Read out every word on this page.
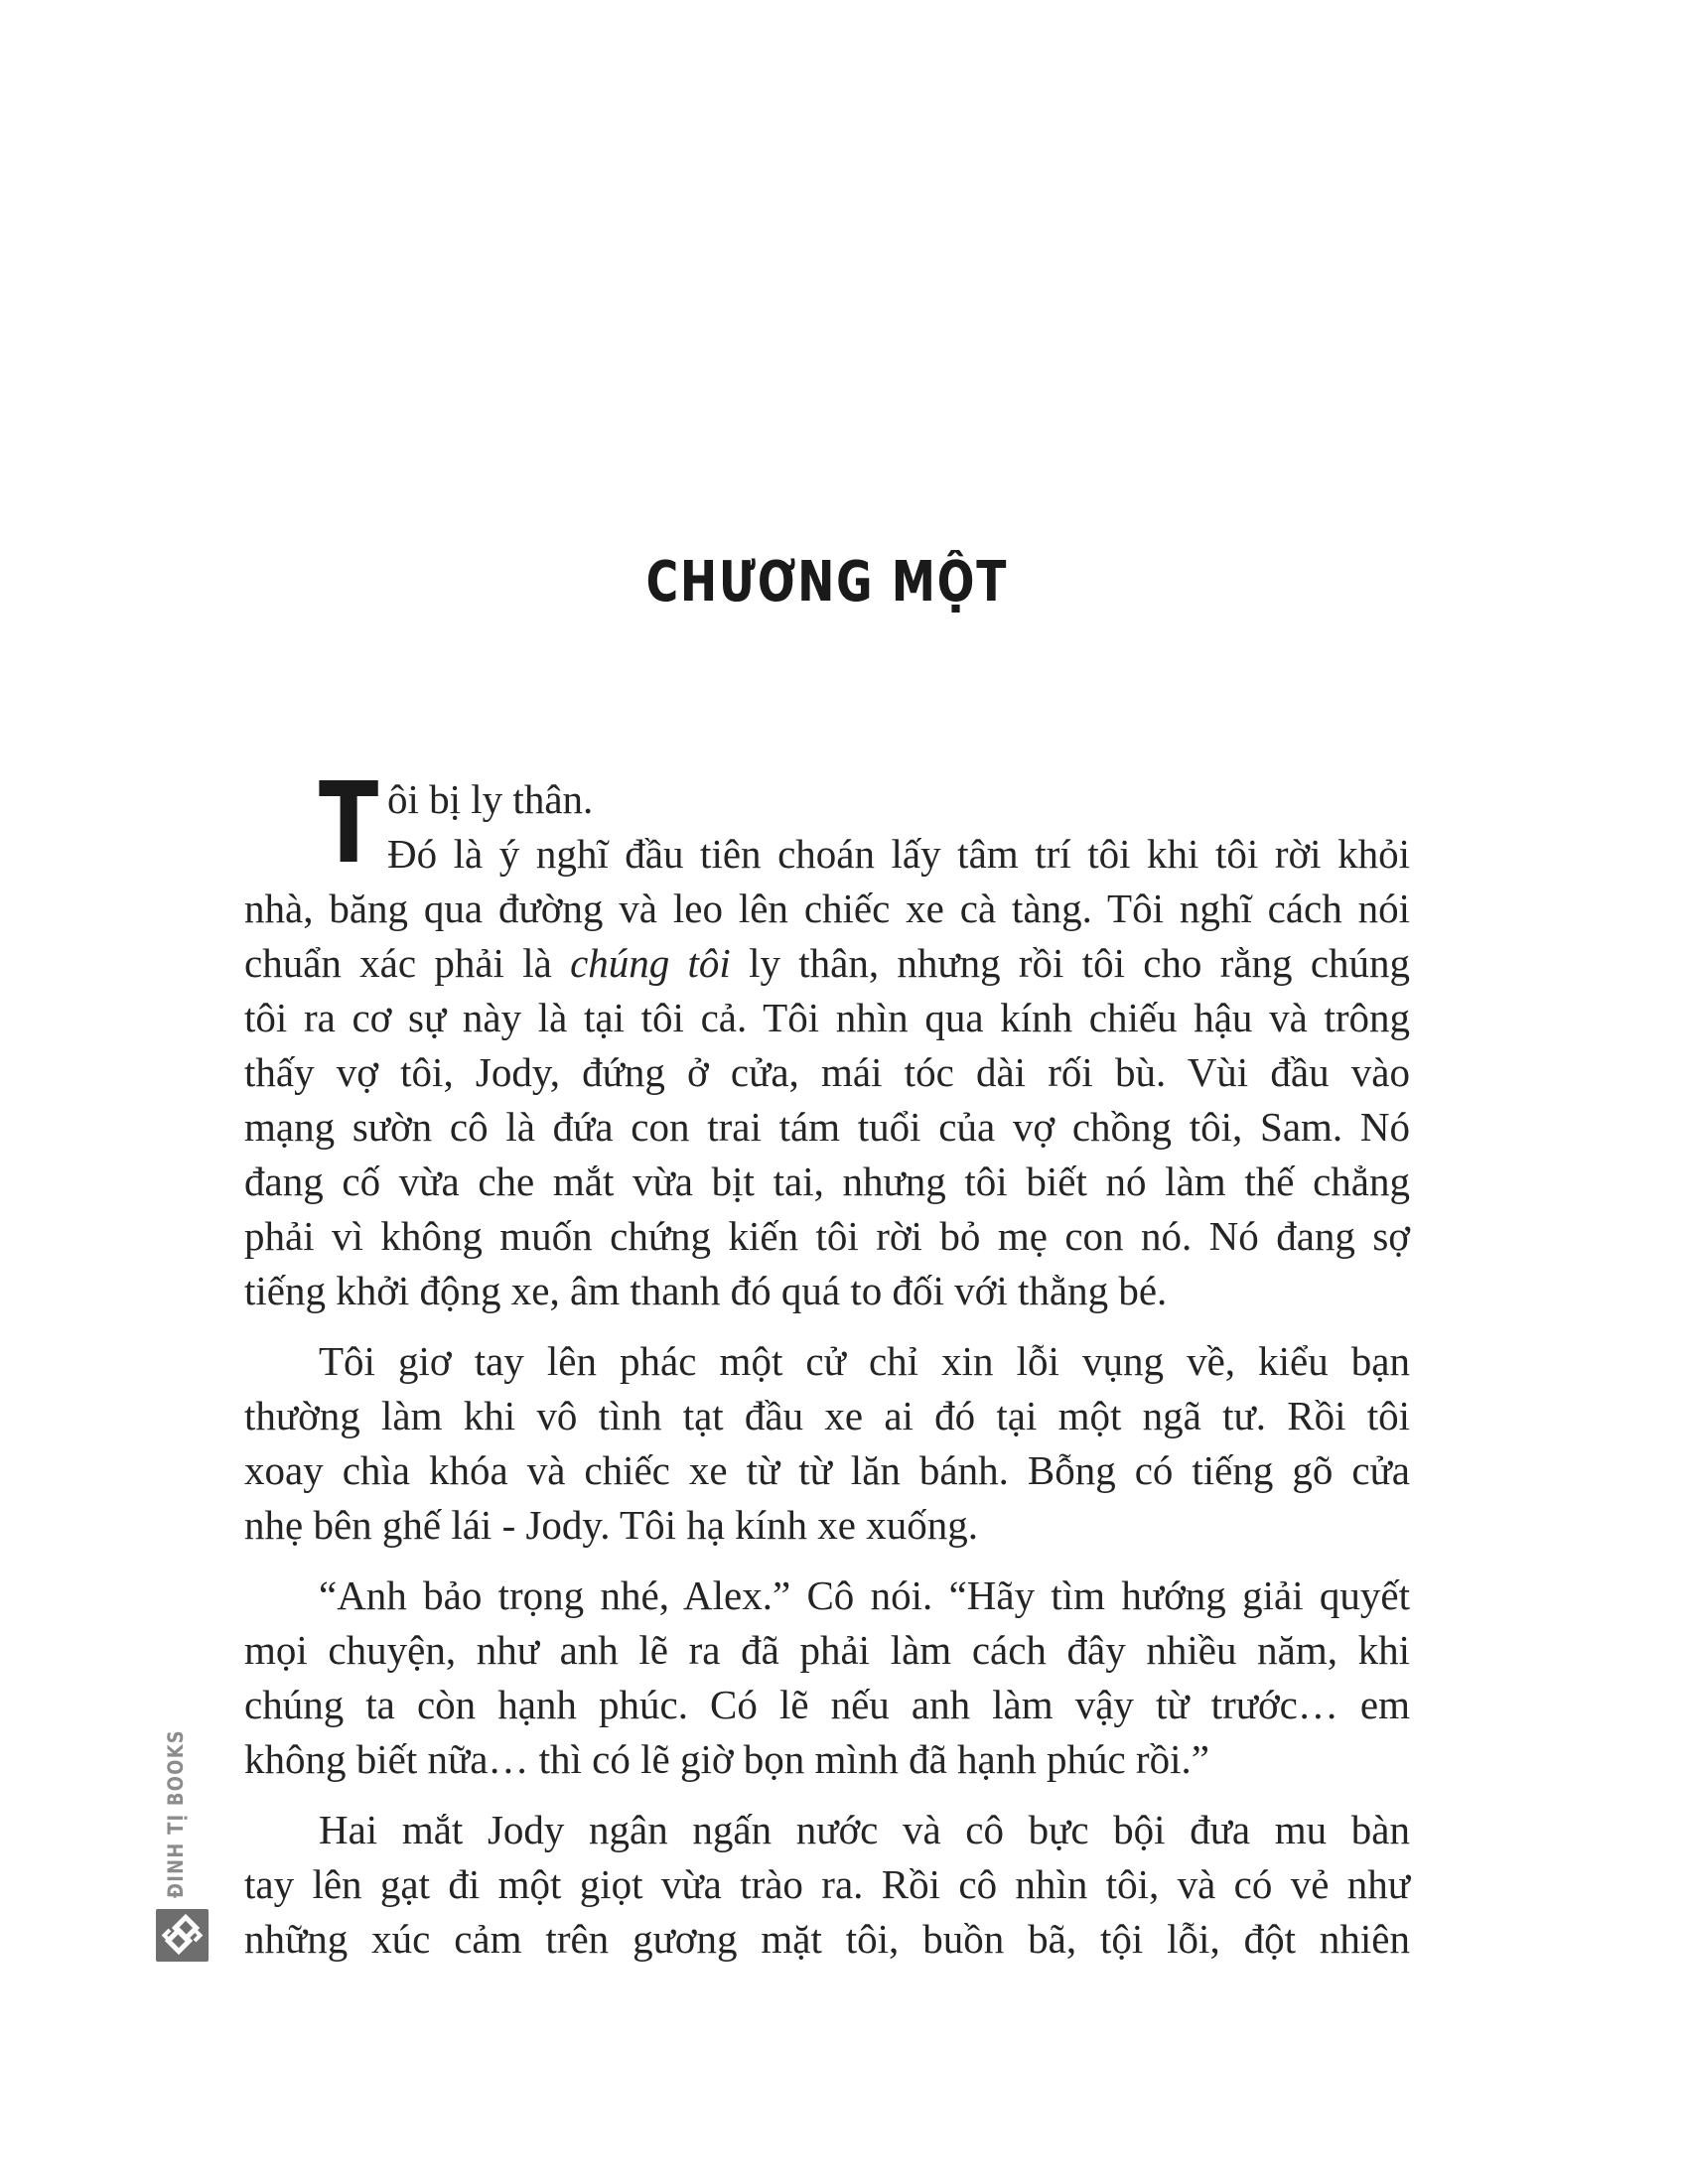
CHƯƠNG MỘT
T ôi bị ly thân.
Đó là ý nghĩ đầu tiên choán lấy tâm trí tôi khi tôi rời khỏi
nhà, băng qua đường và leo lên chiếc xe cà tàng. Tôi nghĩ cách nói
chuẩn xác phải là chúng tôi ly thân, nhưng rồi tôi cho rằng chúng
tôi ra cơ sự này là tại tôi cả. Tôi nhìn qua kính chiếu hậu và trông
thấy vợ tôi, Jody, đứng ở cửa, mái tóc dài rối bù. Vùi đầu vào
mạng sườn cô là đứa con trai tám tuổi của vợ chồng tôi, Sam. Nó
đang cố vừa che mắt vừa bịt tai, nhưng tôi biết nó làm thế chẳng
phải vì không muốn chứng kiến tôi rời bỏ mẹ con nó. Nó đang sợ
tiếng khởi động xe, âm thanh đó quá to đối với thằng bé.
Tôi giơ tay lên phác một cử chỉ xin lỗi vụng về, kiểu bạn
thường làm khi vô tình tạt đầu xe ai đó tại một ngã tư. Rồi tôi
xoay chìa khóa và chiếc xe từ từ lăn bánh. Bỗng có tiếng gõ cửa
nhẹ bên ghế lái - Jody. Tôi hạ kính xe xuống.
“Anh bảo trọng nhé, Alex.” Cô nói. “Hãy tìm hướng giải quyết
mọi chuyện, như anh lẽ ra đã phải làm cách đây nhiều năm, khi
chúng ta còn hạnh phúc. Có lẽ nếu anh làm vậy từ trước… em
không biết nữa… thì có lẽ giờ bọn mình đã hạnh phúc rồi.”
Hai mắt Jody ngân ngấn nước và cô bực bội đưa mu bàn
tay lên gạt đi một giọt vừa trào ra. Rồi cô nhìn tôi, và có vẻ như
những xúc cảm trên gương mặt tôi, buồn bã, tội lỗi, đột nhiên
ĐINH TỊ BOOKS
